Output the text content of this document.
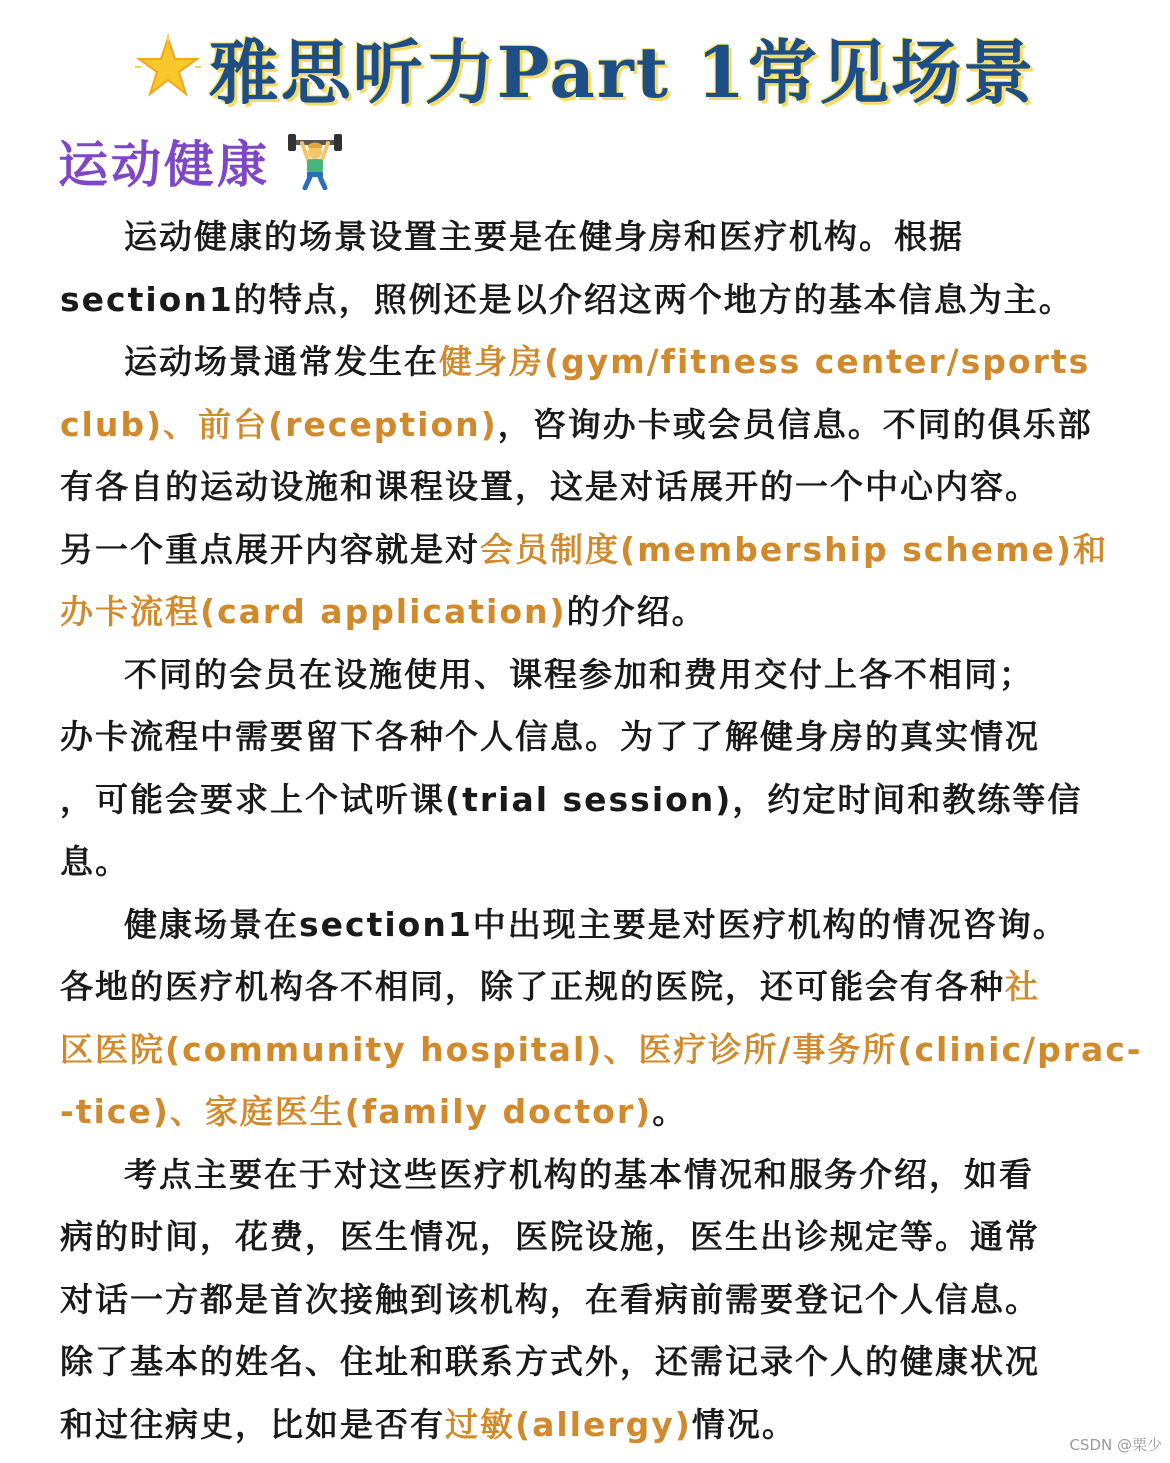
雅思听力Part 1常见场景
运动健康
运动健康的场景设置主要是在健身房和医疗机构。根据
section1的特点，照例还是以介绍这两个地方的基本信息为主。
运动场景通常发生在健身房(gym/fitness center/sports
club)、前台(reception)，咨询办卡或会员信息。不同的俱乐部
有各自的运动设施和课程设置，这是对话展开的一个中心内容。
另一个重点展开内容就是对会员制度(membership scheme)和
办卡流程(card application)的介绍。
不同的会员在设施使用、课程参加和费用交付上各不相同；
办卡流程中需要留下各种个人信息。为了了解健身房的真实情况
，可能会要求上个试听课(trial session)，约定时间和教练等信
息。
健康场景在section1中出现主要是对医疗机构的情况咨询。
各地的医疗机构各不相同，除了正规的医院，还可能会有各种社
区医院(community hospital)、医疗诊所/事务所(clinic/prac-
-tice)、家庭医生(family doctor)。
考点主要在于对这些医疗机构的基本情况和服务介绍，如看
病的时间，花费，医生情况，医院设施，医生出诊规定等。通常
对话一方都是首次接触到该机构，在看病前需要登记个人信息。
除了基本的姓名、住址和联系方式外，还需记录个人的健康状况
和过往病史，比如是否有过敏(allergy)情况。
CSDN @栗少
